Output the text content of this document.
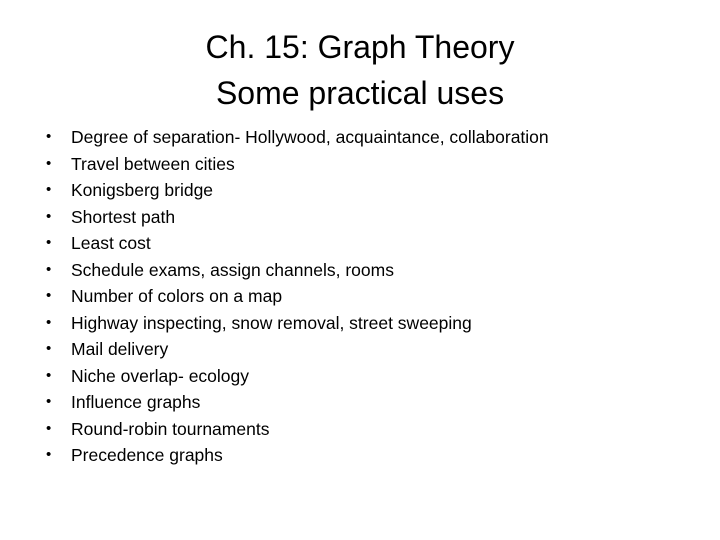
Ch. 15: Graph Theory
Some practical uses
• Degree of separation- Hollywood, acquaintance, collaboration
• Travel between cities
• Konigsberg bridge
• Shortest path
• Least cost
• Schedule exams, assign channels, rooms
• Number of colors on a map
• Highway inspecting, snow removal, street sweeping
• Mail delivery
• Niche overlap- ecology
• Influence graphs
• Round-robin tournaments
• Precedence graphs
